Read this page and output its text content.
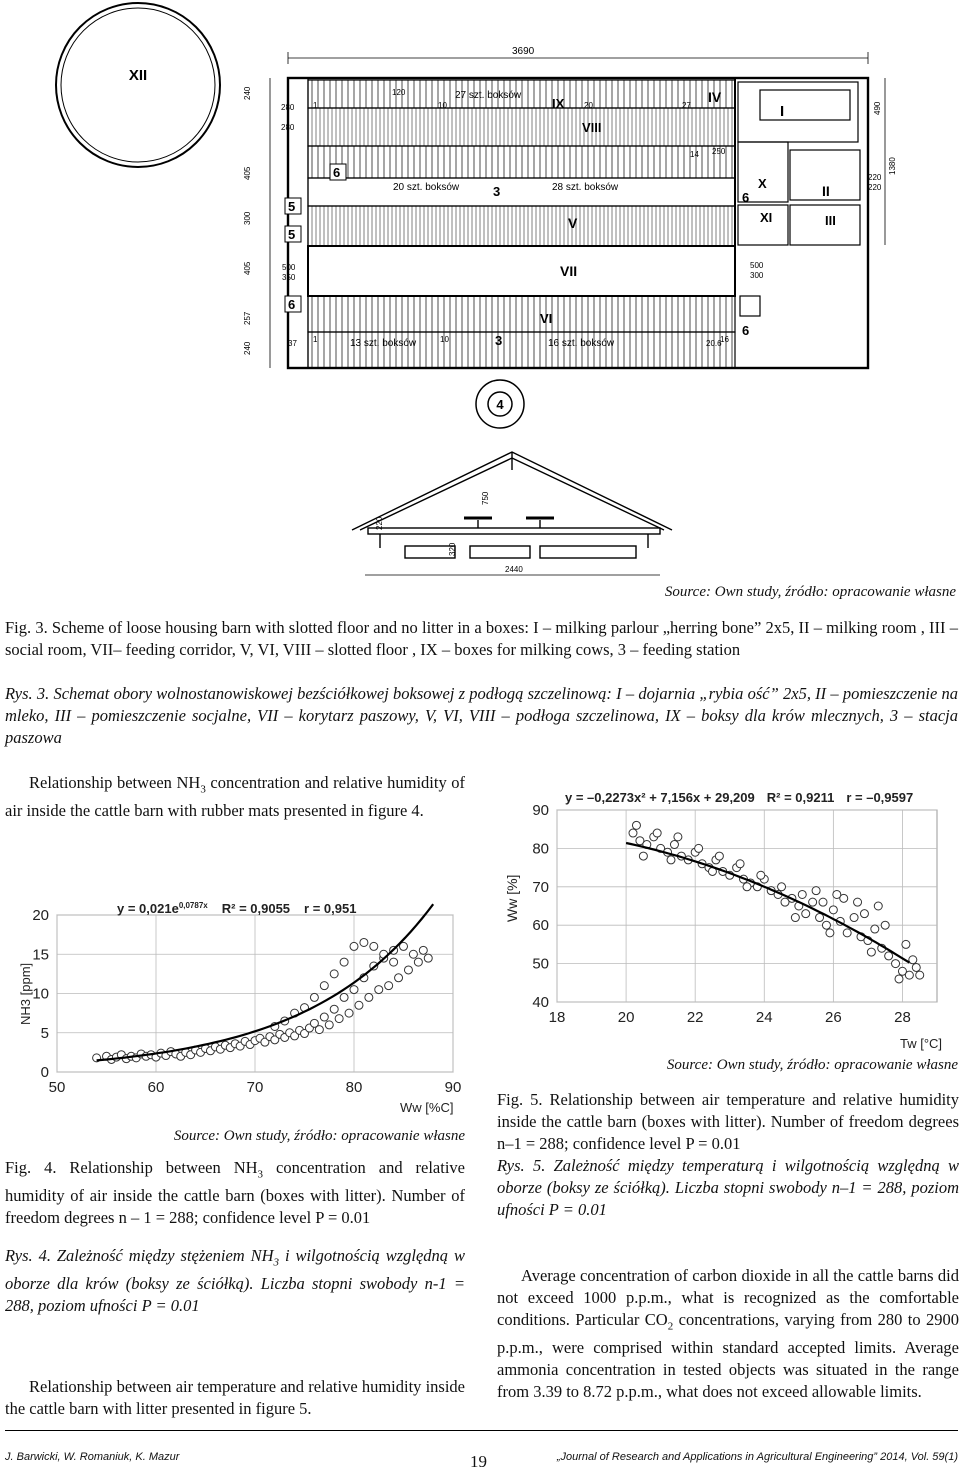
3690
XII
I
II
III
IV
V
VI
VII
VIII
IX
X
XI
27 szt. boksów
20 szt. boksów	28 szt. boksów
13 szt. boksów	16 szt. boksów
240
280
280
405
300
405
257
240
490
1380
220
220
120
1	10	27
20
250
14
500
350
500
300
37	10	20.6
16
1
5
5
6
6
6
6
3
3
4
750
2440
220
320
Source: Own study, źródło: opracowanie własne
Fig. 3. Scheme of loose housing barn with slotted floor and no litter in a boxes: I – milking parlour „herring bone” 2x5, II – milking room , III – social room, VII– feeding corridor, V, VI, VIII – slotted floor , IX – boxes for milking cows, 3 – feeding station
Rys. 3. Schemat obory wolnostanowiskowej bezściółkowej boksowej z podłogą szczelinową: I – dojarnia „rybia ość” 2x5, II – pomieszczenie na mleko, III – pomieszczenie socjalne, VII – korytarz paszowy, V, VI, VIII – podłoga szczelinowa, IX – boksy dla krów mlecznych, 3 – stacja paszowa
Relationship between $NH_3$ concentration and relative humidity of air inside the cattle barn with rubber mats presented in figure 4.
0
5
10
15
20
50	60	70	80	90
$y = 0,021e^{0,0787x}$ R² = 0,9055 r = 0,951
Ww [%C]
NH3 [ppm]
Source: Own study, źródło: opracowanie własne
Fig. 4. Relationship between $NH_3$ concentration and relative humidity of air inside the cattle barn (boxes with litter). Number of freedom degrees n – 1 = 288; confidence level P = 0.01
Rys. 4. Zależność między stężeniem $NH_3$ i wilgotnością względną w oborze dla krów (boksy ze ściółką). Liczba stopni swobody n-1 = 288, poziom ufności P = 0.01
Relationship between air temperature and relative humidity inside the cattle barn with litter presented in figure 5.
40
50
60
70
80
90
18	20	22	24	26	28
y = –0,2273x² + 7,156x + 29,209 R² = 0,9211 r = –0,9597
Tw [°C]
Ww [%]
Source: Own study, źródło: opracowanie własne
Fig. 5. Relationship between air temperature and relative humidity inside the cattle barn (boxes with litter). Number of freedom degrees n–1 = 288; confidence level P = 0.01
Rys. 5. Zależność między temperaturą i wilgotnością względną w oborze (boksy ze ściółką). Liczba stopni swobody n–1 = 288, poziom ufności P = 0.01
Average concentration of carbon dioxide in all the cattle barns did not exceed 1000 p.p.m., what is recognized as the comfortable conditions. Particular $CO_2$ concentrations, varying from 280 to 2900 p.p.m., were comprised within standard accepted limits. Average ammonia concentration in tested objects was situated in the range from 3.39 to 8.72 p.p.m., what does not exceed allowable limits.
J. Barwicki, W. Romaniuk, K. Mazur	19	„Journal of Research and Applications in Agricultural Engineering” 2014, Vol. 59(1)
